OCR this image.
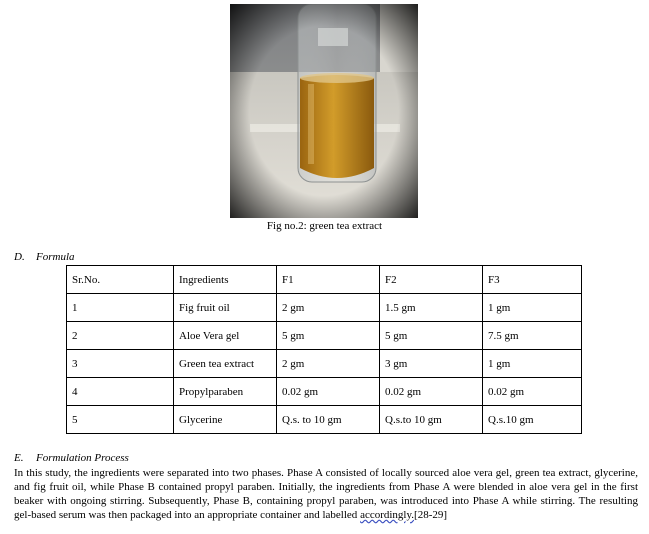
Fig no.2: green tea extract
D. Formula
Sr.No.	Ingredients	F1	F2	F3
1	Fig fruit oil	2 gm	1.5 gm	1 gm
2	Aloe Vera gel	5 gm	5 gm	7.5 gm
3	Green tea extract	2 gm	3 gm	1 gm
4	Propylparaben	0.02 gm	0.02 gm	0.02 gm
5	Glycerine	Q.s. to 10 gm	Q.s.to 10 gm	Q.s.10 gm
E. Formulation Process
In this study, the ingredients were separated into two phases. Phase A consisted of locally sourced aloe vera gel, green tea extract, glycerine, and fig fruit oil, while Phase B contained propyl paraben. Initially, the ingredients from Phase A were blended in aloe vera gel in the first beaker with ongoing stirring. Subsequently, Phase B, containing propyl paraben, was introduced into Phase A while stirring. The resulting gel-based serum was then packaged into an appropriate container and labelled accordingly.[28-29]
